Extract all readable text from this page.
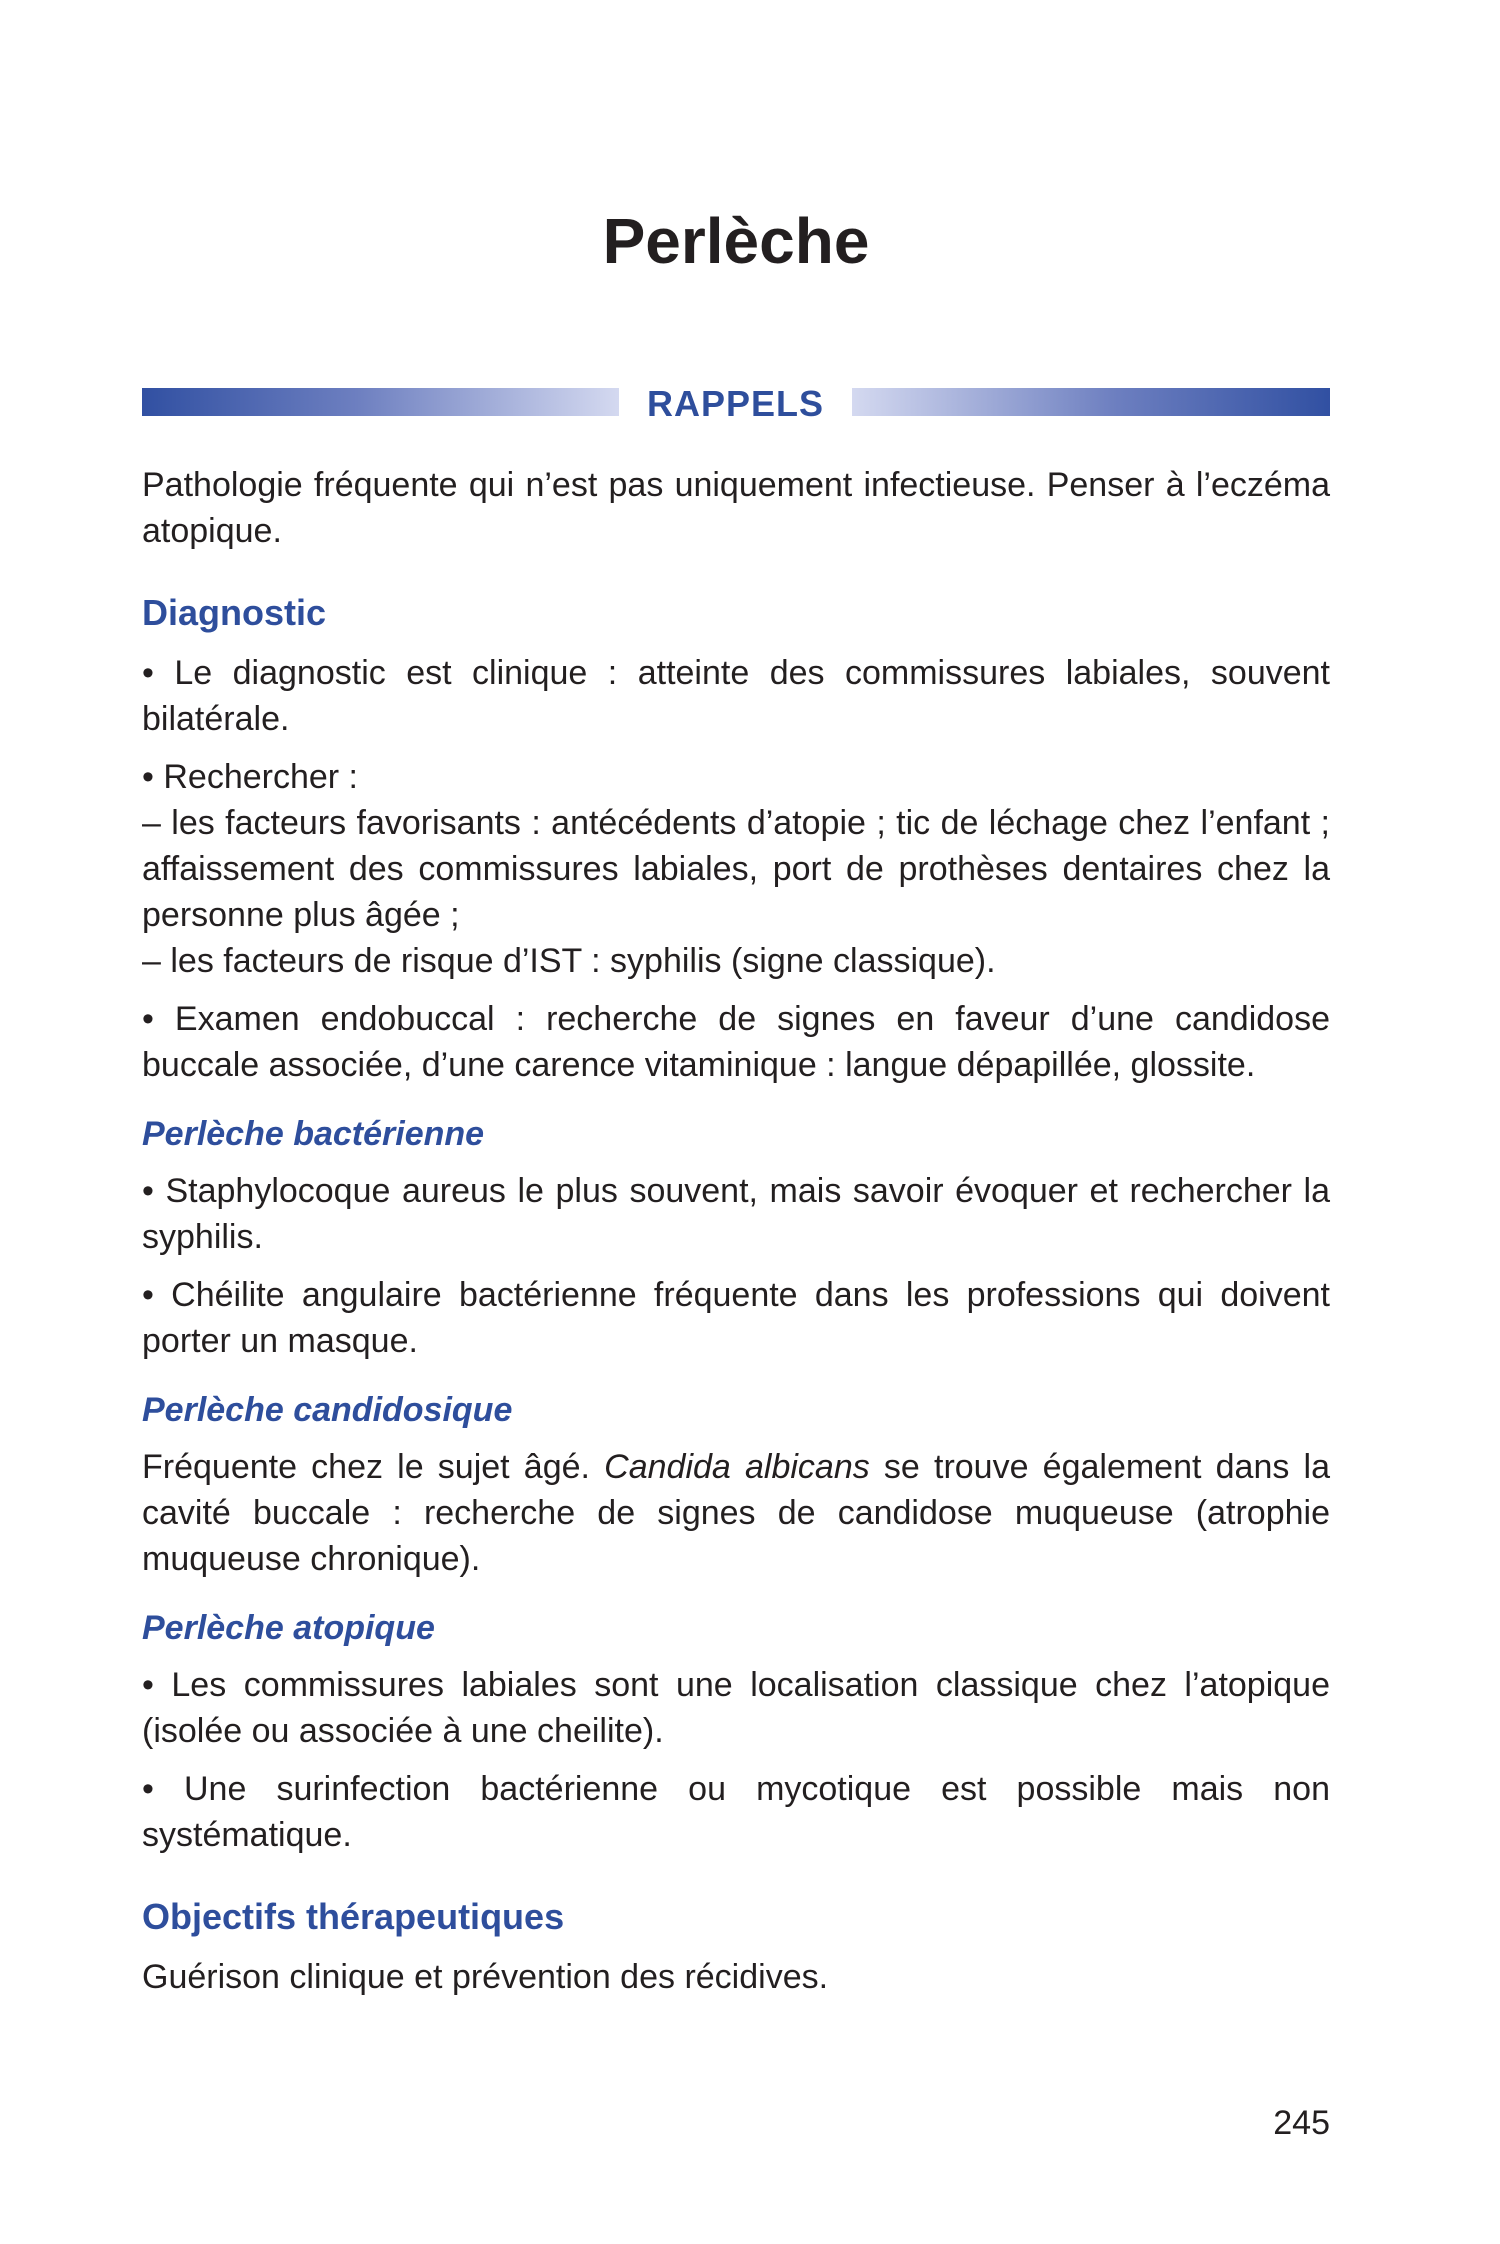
Perlèche
RAPPELS

Pathologie fréquente qui n’est pas uniquement infectieuse. Penser à l’eczéma atopique.

Diagnostic

• Le diagnostic est clinique : atteinte des commissures labiales, souvent bilatérale.

• Rechercher :

– les facteurs favorisants : antécédents d’atopie ; tic de léchage chez l’enfant ; affaissement des commissures labiales, port de prothèses dentaires chez la personne plus âgée ;

– les facteurs de risque d’IST : syphilis (signe classique).

• Examen endobuccal : recherche de signes en faveur d’une candidose buccale associée, d’une carence vitaminique : langue dépapillée, glossite.

Perlèche bactérienne

• Staphylocoque aureus le plus souvent, mais savoir évoquer et rechercher la syphilis.

• Chéilite angulaire bactérienne fréquente dans les professions qui doivent porter un masque.

Perlèche candidosique

Fréquente chez le sujet âgé. Candida albicans se trouve également dans la cavité buccale : recherche de signes de candidose muqueuse (atrophie muqueuse chronique).

Perlèche atopique

• Les commissures labiales sont une localisation classique chez l’atopique (isolée ou associée à une cheilite).

• Une surinfection bactérienne ou mycotique est possible mais non systématique.

Objectifs thérapeutiques

Guérison clinique et prévention des récidives.

245
